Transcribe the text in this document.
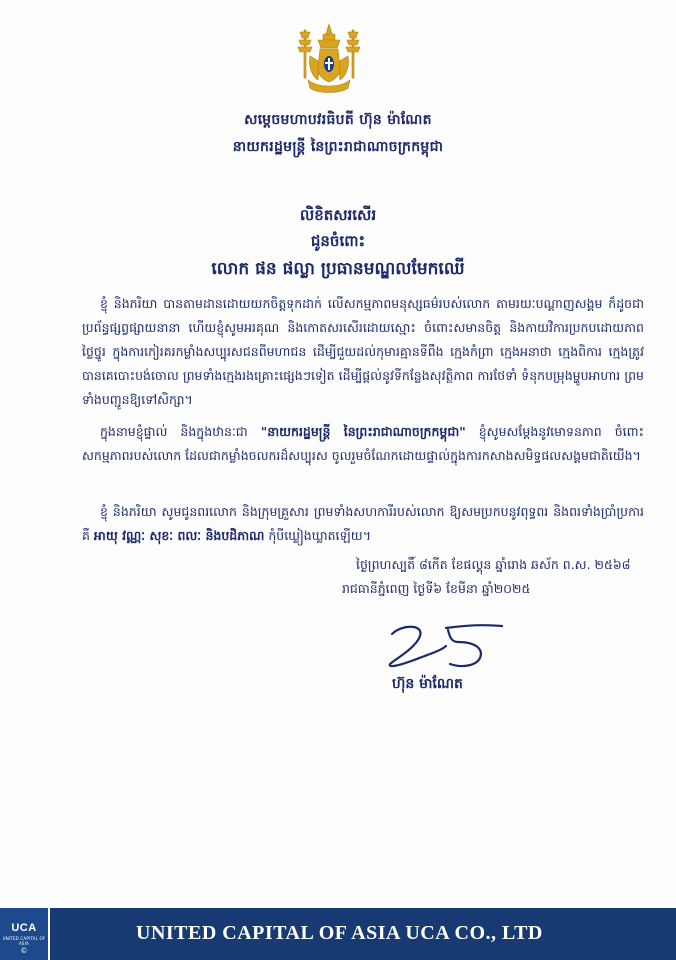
សម្តេចមហាបវរធិបតី ហ៊ុន ម៉ាណែត
នាយករដ្ឋមន្ត្រី នៃព្រះរាជាណាចក្រកម្ពុជា
លិខិតសរសើរ
ជូនចំពោះ
លោក ផន ផល្លា ប្រធានមណ្ឌលមែកឈើ
ខ្ញុំ និងភរិយា បានតាមដានដោយយកចិត្តទុកដាក់ លើសកម្មភាពមនុស្សធម៌របស់លោក តាមរយៈបណ្តាញសង្គម ក៏ដូចជាប្រព័ន្ធផ្សព្វផ្សាយនានា ហើយខ្ញុំសូមអរគុណ និងកោតសរសើរដោយស្មោះ ចំពោះសមានចិត្ត និងកាយវិការប្រកបដោយភាពថ្លៃថ្នូរ ក្នុងការកៀរគរកម្លាំងសប្បុរសជនពីមហាជន ដើម្បីជួយដល់កុមារគ្មានទីពឹង ក្មេងកំព្រា ក្មេងអនាថា ក្មេងពិការ ក្មេងត្រូវបានគេបោះបង់ចោល ព្រមទាំងក្មេងរងគ្រោះផ្សេងៗទៀត ដើម្បីផ្តល់នូវទីកន្លែងសុវត្ថិភាព ការថែទាំ ទំនុកបម្រុងម្ហូបអាហារ ព្រមទាំងបញ្ជូនឱ្យទៅសិក្សា។
ក្នុងនាមខ្ញុំផ្ទាល់ និងក្នុងឋានៈជា "នាយករដ្ឋមន្ត្រី នៃព្រះរាជាណាចក្រកម្ពុជា" ខ្ញុំសូមសម្តែងនូវមោទនភាព ចំពោះសកម្មភាពរបស់លោក ដែលជាកម្លាំងចលករដ៏សប្បុរស ចូលរួមចំណែកដោយផ្ទាល់ក្នុងការកសាងសមិទ្ធផលសង្គមជាតិយើង។
ខ្ញុំ និងភរិយា សូមជូនពរលោក និងក្រុមគ្រួសារ ព្រមទាំងសហការីរបស់លោក ឱ្យសមប្រកបនូវពុទ្ធពរ និងពរទាំងប្រាំប្រការ គឺ អាយុ វណ្ណៈ សុខៈ ពលៈ និងបដិភាណ កុំបីឃ្លៀងឃ្លាតឡើយ។
ថ្ងៃព្រហស្បតិ៍ ៨កើត ខែផល្គុន ឆ្នាំរោង ឆស័ក ព.ស. ២៥៦៨
រាជធានីភ្នំពេញ ថ្ងៃទី៦ ខែមីនា ឆ្នាំ២០២៥
ហ៊ុន ម៉ាណែត
UCA
UNITED CAPITAL OF ASIA
©
UNITED CAPITAL OF ASIA UCA CO., LTD
